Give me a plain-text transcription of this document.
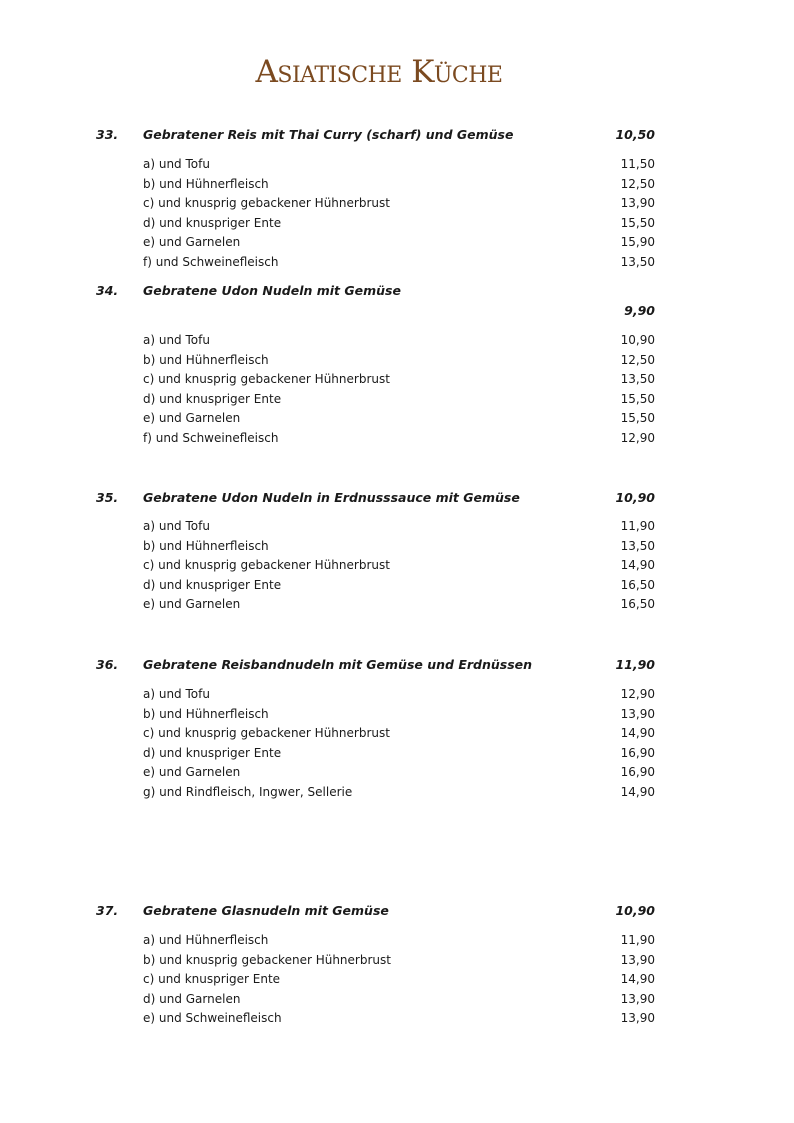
Asiatische Küche
33. Gebratener Reis mit Thai Curry (scharf) und Gemüse	10,50
a) und Tofu	11,50
b) und Hühnerfleisch	12,50
c) und knusprig gebackener Hühnerbrust	13,90
d) und knuspriger Ente	15,50
e) und Garnelen	15,90
f) und Schweinefleisch	13,50
34. Gebratene Udon Nudeln mit Gemüse
9,90
a) und Tofu	10,90
b) und Hühnerfleisch	12,50
c) und knusprig gebackener Hühnerbrust	13,50
d) und knuspriger Ente	15,50
e) und Garnelen	15,50
f) und Schweinefleisch	12,90
35. Gebratene Udon Nudeln in Erdnusssauce mit Gemüse	10,90
a) und Tofu	11,90
b) und Hühnerfleisch	13,50
c) und knusprig gebackener Hühnerbrust	14,90
d) und knuspriger Ente	16,50
e) und Garnelen	16,50
36. Gebratene Reisbandnudeln mit Gemüse und Erdnüssen	11,90
a) und Tofu	12,90
b) und Hühnerfleisch	13,90
c) und knusprig gebackener Hühnerbrust	14,90
d) und knuspriger Ente	16,90
e) und Garnelen	16,90
g) und Rindfleisch, Ingwer, Sellerie	14,90
37. Gebratene Glasnudeln mit Gemüse	10,90
a) und Hühnerfleisch	11,90
b) und knusprig gebackener Hühnerbrust	13,90
c) und knuspriger Ente	14,90
d) und Garnelen	13,90
e) und Schweinefleisch	13,90
